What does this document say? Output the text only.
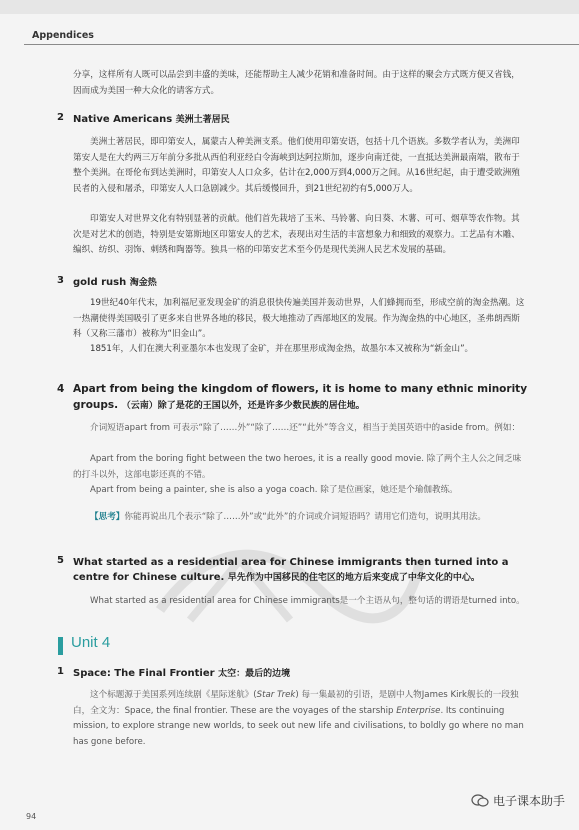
Appendices

分享，这样所有人既可以品尝到丰盛的美味，还能帮助主人减少花销和准备时间。由于这样的聚会方式既方便又省钱，因而成为美国一种大众化的请客方式。

2 Native Americans 美洲土著居民

美洲土著居民，即印第安人，属蒙古人种美洲支系。他们使用印第安语，包括十几个语族。多数学者认为，美洲印第安人是在大约两三万年前分多批从西伯利亚经白令海峡到达阿拉斯加，逐步向南迁徙，一直抵达美洲最南端，散布于整个美洲。在哥伦布到达美洲时，印第安人人口众多，估计在2,000万到4,000万之间。从16世纪起，由于遭受欧洲殖民者的入侵和屠杀，印第安人人口急剧减少。其后缓慢回升，到21世纪初约有5,000万人。

印第安人对世界文化有特别显著的贡献。他们首先栽培了玉米、马铃薯、向日葵、木薯、可可、烟草等农作物。其次是对艺术的创造，特别是安第斯地区印第安人的艺术，表现出对生活的丰富想象力和细致的观察力。工艺品有木雕、编织、纺织、羽饰、刺绣和陶器等。独具一格的印第安艺术至今仍是现代美洲人民艺术发展的基础。

3 gold rush 淘金热

19世纪40年代末，加利福尼亚发现金矿的消息很快传遍美国并轰动世界，人们蜂拥而至，形成空前的淘金热潮。这一热潮使得美国吸引了更多来自世界各地的移民，极大地推动了西部地区的发展。作为淘金热的中心地区，圣弗朗西斯科（又称三藩市）被称为“旧金山”。

1851年，人们在澳大利亚墨尔本也发现了金矿，并在那里形成淘金热，故墨尔本又被称为“新金山”。

4 Apart from being the kingdom of flowers, it is home to many ethnic minority groups. （云南）除了是花的王国以外，还是许多少数民族的居住地。

介词短语apart from 可表示“除了……外”“除了……还”“此外”等含义，相当于美国英语中的aside from。例如：

Apart from the boring fight between the two heroes, it is a really good movie. 除了两个主人公之间乏味的打斗以外，这部电影还真的不错。

Apart from being a painter, she is also a yoga coach. 除了是位画家，她还是个瑜伽教练。

【思考】你能再说出几个表示“除了……外”或“此外”的介词或介词短语吗？请用它们造句，说明其用法。

5 What started as a residential area for Chinese immigrants then turned into a centre for Chinese culture. 早先作为中国移民的住宅区的地方后来变成了中华文化的中心。

What started as a residential area for Chinese immigrants是一个主语从句，整句话的谓语是turned into。

Unit 4
1 Space: The Final Frontier 太空：最后的边境

这个标题源于美国系列连续剧《星际迷航》(Star Trek) 每一集最初的引语，是剧中人物James Kirk舰长的一段独白，全文为：Space, the final frontier. These are the voyages of the starship Enterprise. Its continuing mission, to explore strange new worlds, to seek out new life and civilisations, to boldly go where no man has gone before.

94
电子课本助手
